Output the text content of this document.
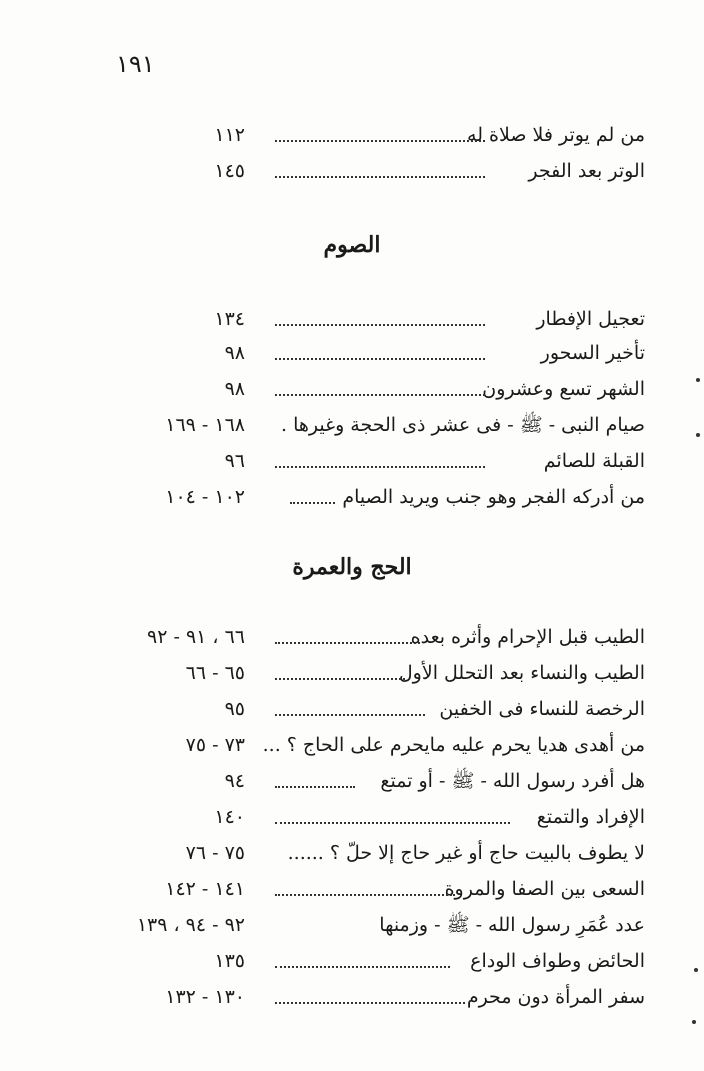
١٩١
من لم يوتر فلا صلاة له
١١٢
الوتر بعد الفجر
١٤٥
الصوم
تعجيل الإفطار
١٣٤
تأخير السحور
٩٨
الشهر تسع وعشرون
٩٨
صيام النبى - ﷺ - فى عشر ذى الحجة وغيرها .
١٦٨ - ١٦٩
القبلة للصائم
٩٦
من أدركه الفجر وهو جنب ويريد الصيام
١٠٢ - ١٠٤
الحج والعمرة
الطيب قبل الإحرام وأثره بعده
٦٦ ، ٩١ - ٩٢
الطيب والنساء بعد التحلل الأول
٦٥ - ٦٦
الرخصة للنساء فى الخفين
٩٥
من أهدى هديا يحرم عليه مايحرم على الحاج ؟ ...
٧٣ - ٧٥
هل أفرد رسول الله - ﷺ - أو تمتع
٩٤
الإفراد والتمتع
١٤٠
لا يطوف بالبيت حاج أو غير حاج إلا حلّ ؟ ......
٧٥ - ٧٦
السعى بين الصفا والمروة
١٤١ - ١٤٢
عدد عُمَرِ رسول الله - ﷺ - وزمنها
٩٢ - ٩٤ ، ١٣٩
الحائض وطواف الوداع
١٣٥
سفر المرأة دون محرم
١٣٠ - ١٣٢
